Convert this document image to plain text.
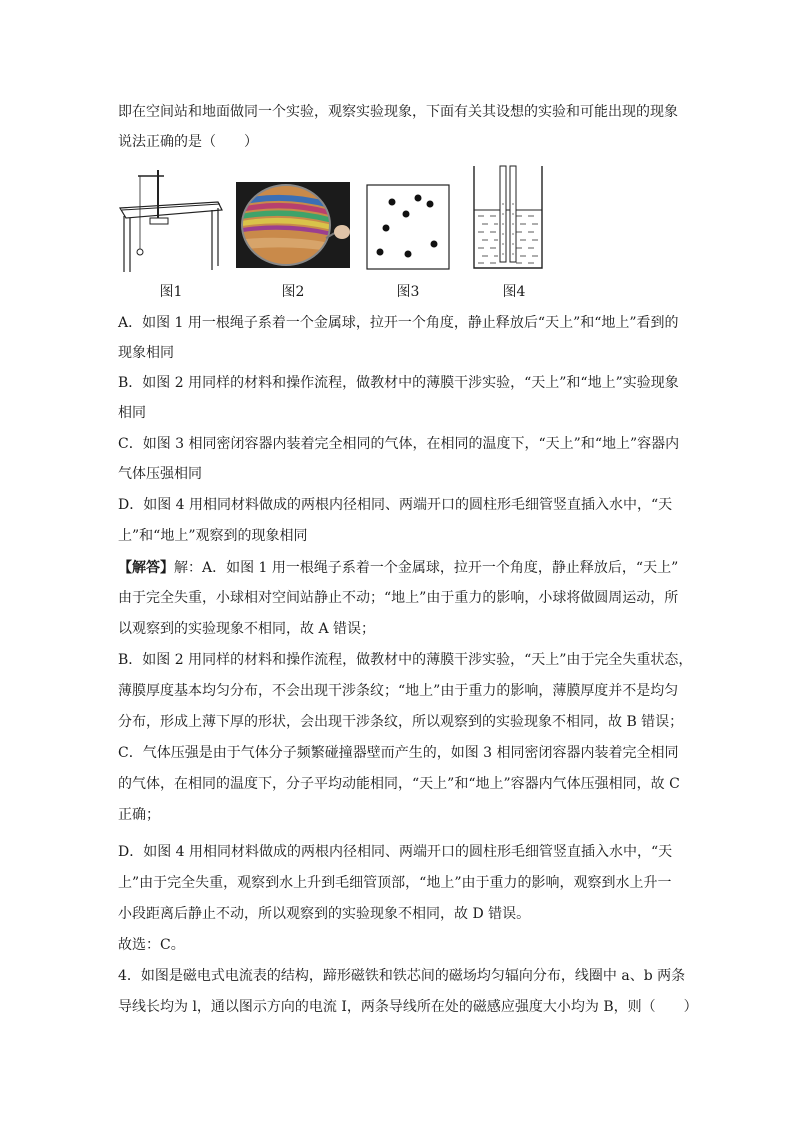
即在空间站和地面做同一个实验，观察实验现象，下面有关其设想的实验和可能出现的现象
说法正确的是（　　）
图1	图2	图3	图4
A．如图 1 用一根绳子系着一个金属球，拉开一个角度，静止释放后“天上”和“地上”看到的
现象相同
B．如图 2 用同样的材料和操作流程，做教材中的薄膜干涉实验，“天上”和“地上”实验现象
相同
C．如图 3 相同密闭容器内装着完全相同的气体，在相同的温度下，“天上”和“地上”容器内
气体压强相同
D．如图 4 用相同材料做成的两根内径相同、两端开口的圆柱形毛细管竖直插入水中，“天
上”和“地上”观察到的现象相同
【解答】解：A．如图 1 用一根绳子系着一个金属球，拉开一个角度，静止释放后，“天上”
由于完全失重，小球相对空间站静止不动；“地上”由于重力的影响，小球将做圆周运动，所
以观察到的实验现象不相同，故 A 错误；
B．如图 2 用同样的材料和操作流程，做教材中的薄膜干涉实验，“天上”由于完全失重状态，
薄膜厚度基本均匀分布，不会出现干涉条纹；“地上”由于重力的影响，薄膜厚度并不是均匀
分布，形成上薄下厚的形状，会出现干涉条纹，所以观察到的实验现象不相同，故 B 错误；
C．气体压强是由于气体分子频繁碰撞器壁而产生的，如图 3 相同密闭容器内装着完全相同
的气体，在相同的温度下，分子平均动能相同，“天上”和“地上”容器内气体压强相同，故 C
正确；
D．如图 4 用相同材料做成的两根内径相同、两端开口的圆柱形毛细管竖直插入水中，“天
上”由于完全失重，观察到水上升到毛细管顶部，“地上”由于重力的影响，观察到水上升一
小段距离后静止不动，所以观察到的实验现象不相同，故 D 错误。
故选：C。
4．如图是磁电式电流表的结构，蹄形磁铁和铁芯间的磁场均匀辐向分布，线圈中 a、b 两条
导线长均为 l，通以图示方向的电流 I，两条导线所在处的磁感应强度大小均为 B，则（　　）
